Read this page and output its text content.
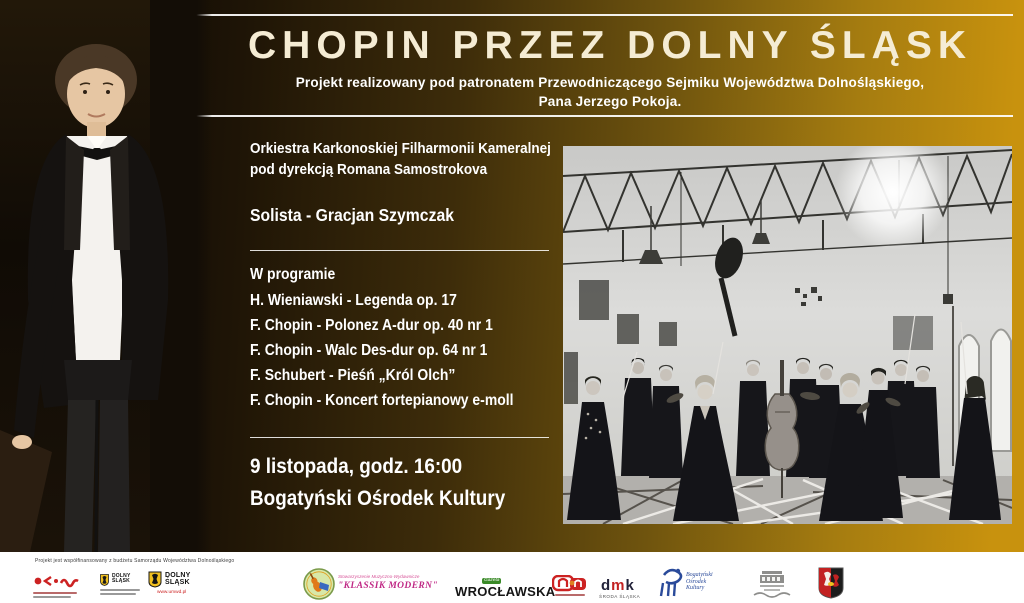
CHOPIN PRZEZ DOLNY ŚLĄSK
Projekt realizowany pod patronatem Przewodniczącego Sejmiku Województwa Dolnośląskiego,
Pana Jerzego Pokoja.
Orkiestra Karkonoskiej Filharmonii Kameralnej
pod dyrekcją Romana Samostrokova
Solista - Gracjan Szymczak
W programie
H. Wieniawski - Legenda op. 17
F. Chopin - Polonez A-dur op. 40 nr 1
F. Chopin - Walc Des-dur op. 64 nr 1
F. Schubert - Pieśń „Król Olch”
F. Chopin - Koncert fortepianowy e-moll
9 listopada, godz. 16:00
Bogatyński Ośrodek Kultury
Projekt jest współfinansowany z budżetu Samorządu Województwa Dolnośląskiego
DOLNY
ŚLĄSK
DOLNY
ŚLĄSK
www.umwd.pl
Stowarzyszenie Muzyczno-Wydawnicze
"KLASSIK MODERN"
Gazeta
WROCŁAWSKA	dmk
ŚRODA ŚLĄSKA
Bogatyński
Ośrodek
Kultury
